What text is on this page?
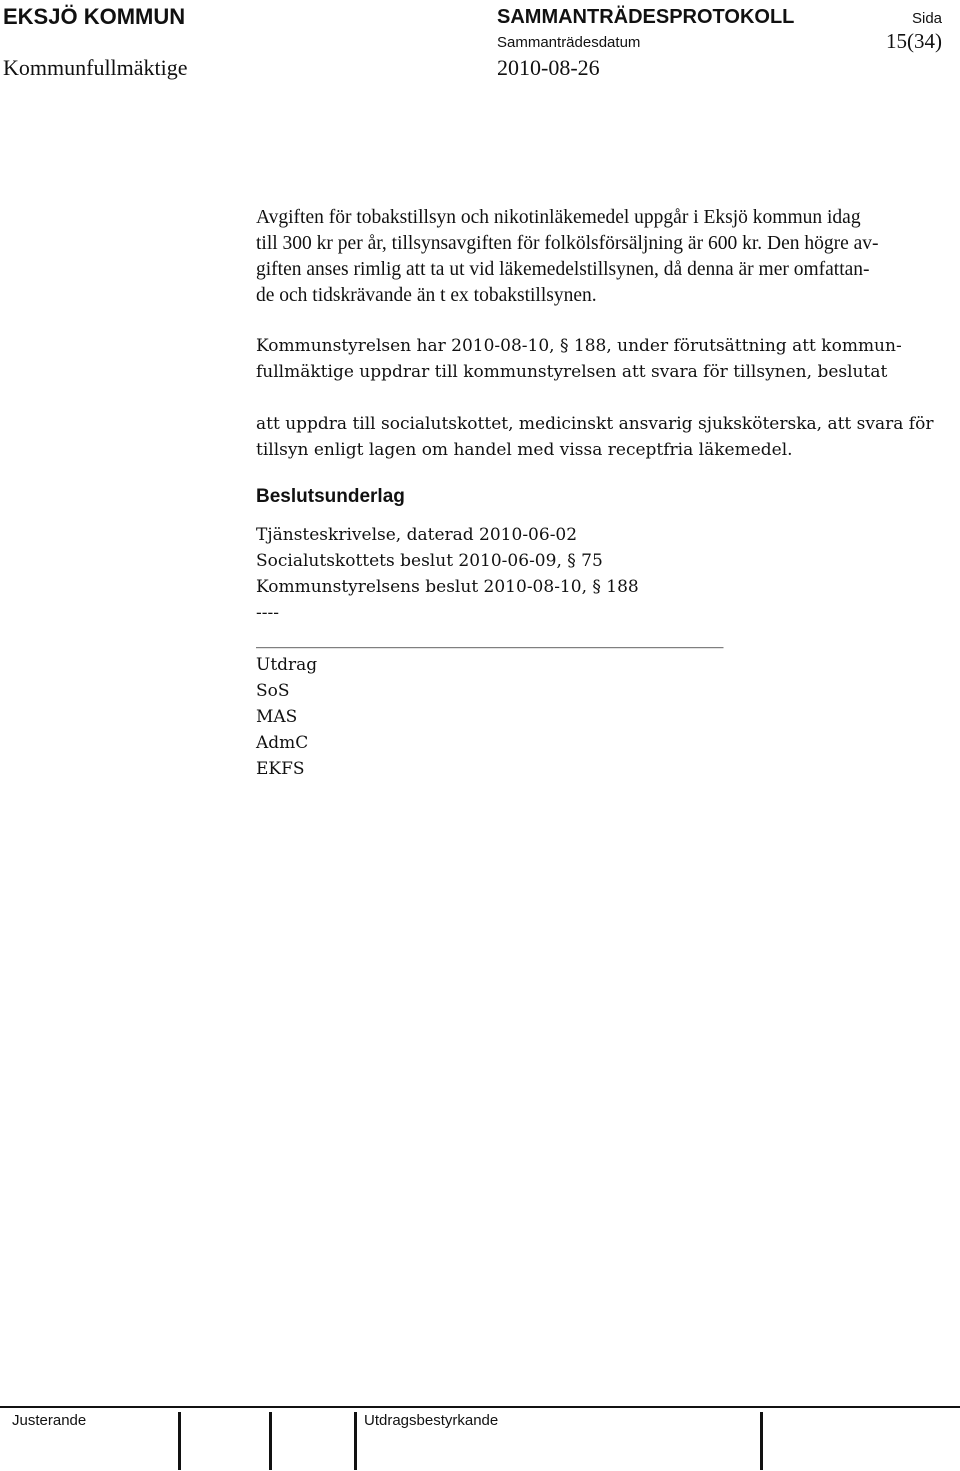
EKSJÖ KOMMUN	SAMMANTRÄDESPROTOKOLL	Sida
Sammanträdesdatum	15(34)
Kommunfullmäktige	2010-08-26
Avgiften för tobakstillsyn och nikotinläkemedel uppgår i Eksjö kommun idag
till 300 kr per år, tillsynsavgiften för folkölsförsäljning är 600 kr. Den högre av-
giften anses rimlig att ta ut vid läkemedelstillsynen, då denna är mer omfattan-
de och tidskrävande än t ex tobakstillsynen.
Kommunstyrelsen har 2010-08-10, § 188, under förutsättning att kommun-
fullmäktige uppdrar till kommunstyrelsen att svara för tillsynen, beslutat
att uppdra till socialutskottet, medicinskt ansvarig sjuksköterska, att svara för
tillsyn enligt lagen om handel med vissa receptfria läkemedel.
Beslutsunderlag
Tjänsteskrivelse, daterad 2010-06-02
Socialutskottets beslut 2010-06-09, § 75
Kommunstyrelsens beslut 2010-08-10, § 188
----
_______________________________________________________
Utdrag
SoS
MAS
AdmC
EKFS
Justerande	Utdragsbestyrkande
